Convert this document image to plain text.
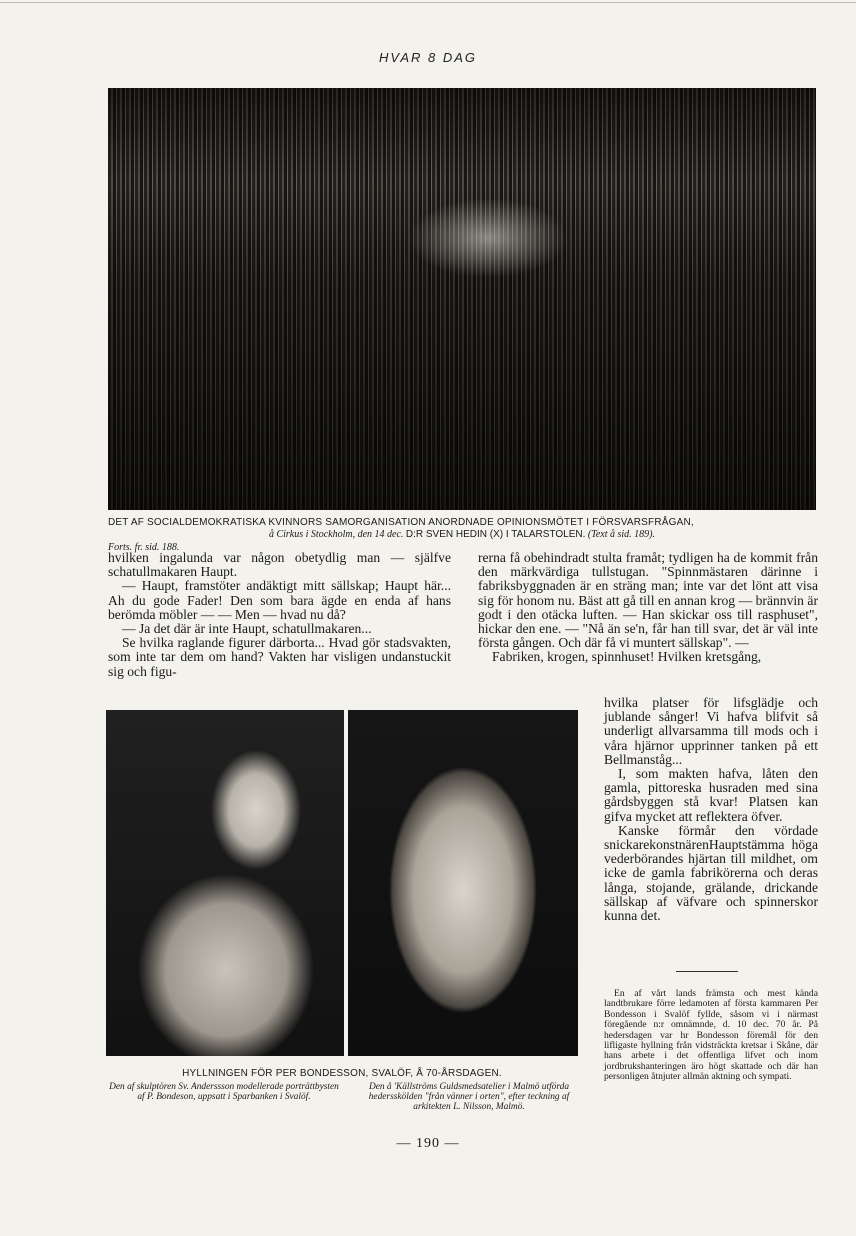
HVAR 8 DAG
DET AF SOCIALDEMOKRATISKA KVINNORS SAMORGANISATION ANORDNADE OPINIONSMÖTET I FÖRSVARSFRÅGAN,
å Cirkus i Stockholm, den 14 dec. D:R SVEN HEDIN (X) I TALARSTOLEN. (Text å sid. 189).
Forts. fr. sid. 188.

hvilken ingalunda var någon obetydlig man — själfve schatullmakaren Haupt.

— Haupt, framstöter andäktigt mitt sällskap; Haupt här... Ah du gode Fader! Den som bara ägde en enda af hans berömda möbler — — Men — hvad nu då?

— Ja det där är inte Haupt, schatullmakaren...

Se hvilka raglande figurer därborta... Hvad gör stadsvakten, som inte tar dem om hand? Vakten har visligen undanstuckit sig och figu-

rerna få obehindradt stulta framåt; tydligen ha de kommit från den märkvärdiga tullstugan. "Spinnmästaren därinne i fabriksbyggnaden är en sträng man; inte var det lönt att visa sig för honom nu. Bäst att gå till en annan krog — brännvin är godt i den otäcka luften. — Han skickar oss till rasphuset", hickar den ene. — "Nå än se'n, får han till svar, det är väl inte första gången. Och där få vi muntert sällskap". —

Fabriken, krogen, spinnhuset! Hvilken kretsgång,

hvilka platser för lifsglädje och jublande sånger! Vi hafva blifvit så underligt allvarsamma till mods och i våra hjärnor upprinner tanken på ett Bellmanståg...

I, som makten hafva, låten den gamla, pittoreska husraden med sina gårdsbyggen stå kvar! Platsen kan gifva mycket att reflektera öfver.

Kanske förmår den vördade snickarekonstnärenHauptstämma höga vederbörandes hjärtan till mildhet, om icke de gamla fabrikörerna och deras långa, stojande, grälande, drickande sällskap af väfvare och spinnerskor kunna det.

HYLLNINGEN FÖR PER BONDESSON, SVALÖF, Å 70-ÅRSDAGEN.
Den af skulptören Sv. Anderssson modellerade porträttbysten af P. Bondeson, uppsatt i Sparbanken i Svalöf.
Den å 'Källströms Guldsmedsatelier i Malmö utförda hedersskölden "från vänner i orten", efter teckning af arkitekten L. Nilsson, Malmö.

En af vårt lands främsta och mest kända landtbrukare förre ledamoten af första kammaren Per Bondesson i Svalöf fyllde, såsom vi i närmast föregående n:r omnämnde, d. 10 dec. 70 år. På hedersdagen var hr Bondesson föremål för den lifligaste hyllning från vidsträckta kretsar i Skåne, där hans arbete i det offentliga lifvet och inom jordbrukshanteringen äro högt skattade och där han personligen åtnjuter allmän aktning och sympati.

— 190 —
